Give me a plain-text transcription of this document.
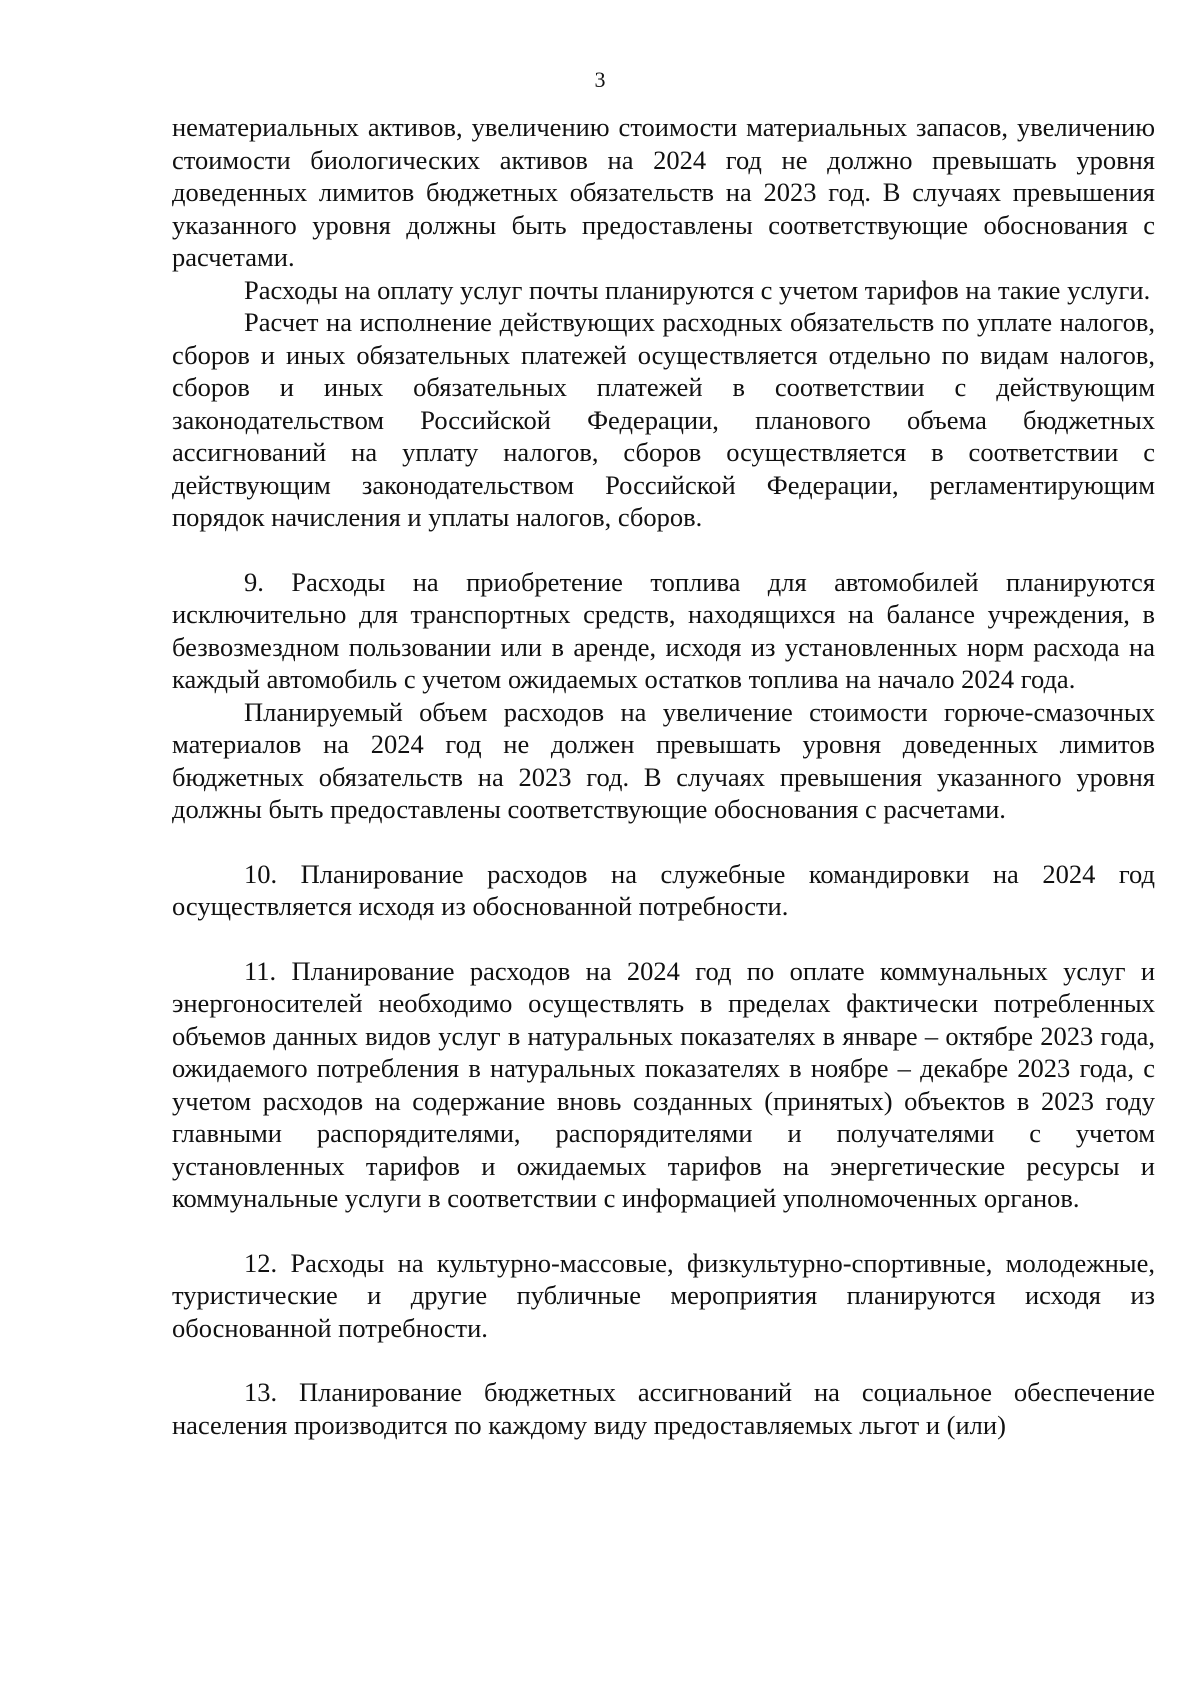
3

нематериальных активов, увеличению стоимости материальных запасов, увеличению стоимости биологических активов на 2024 год не должно превышать уровня доведенных лимитов бюджетных обязательств на 2023 год. В случаях превышения указанного уровня должны быть предоставлены соответствующие обоснования с расчетами.

Расходы на оплату услуг почты планируются с учетом тарифов на такие услуги.

Расчет на исполнение действующих расходных обязательств по уплате налогов, сборов и иных обязательных платежей осуществляется отдельно по видам налогов, сборов и иных обязательных платежей в соответствии с действующим законодательством Российской Федерации, планового объема бюджетных ассигнований на уплату налогов, сборов осуществляется в соответствии с действующим законодательством Российской Федерации, регламентирующим порядок начисления и уплаты налогов, сборов.

9. Расходы на приобретение топлива для автомобилей планируются исключительно для транспортных средств, находящихся на балансе учреждения, в безвозмездном пользовании или в аренде, исходя из установленных норм расхода на каждый автомобиль с учетом ожидаемых остатков топлива на начало 2024 года.

Планируемый объем расходов на увеличение стоимости горюче-смазочных материалов на 2024 год не должен превышать уровня доведенных лимитов бюджетных обязательств на 2023 год. В случаях превышения указанного уровня должны быть предоставлены соответствующие обоснования с расчетами.

10. Планирование расходов на служебные командировки на 2024 год осуществляется исходя из обоснованной потребности.

11. Планирование расходов на 2024 год по оплате коммунальных услуг и энергоносителей необходимо осуществлять в пределах фактически потребленных объемов данных видов услуг в натуральных показателях в январе – октябре 2023 года, ожидаемого потребления в натуральных показателях в ноябре – декабре 2023 года, с учетом расходов на содержание вновь созданных (принятых) объектов в 2023 году главными распорядителями, распорядителями и получателями с учетом установленных тарифов и ожидаемых тарифов на энергетические ресурсы и коммунальные услуги в соответствии с информацией уполномоченных органов.

12. Расходы на культурно-массовые, физкультурно-спортивные, молодежные, туристические и другие публичные мероприятия планируются исходя из обоснованной потребности.

13. Планирование бюджетных ассигнований на социальное обеспечение населения производится по каждому виду предоставляемых льгот и (или)
